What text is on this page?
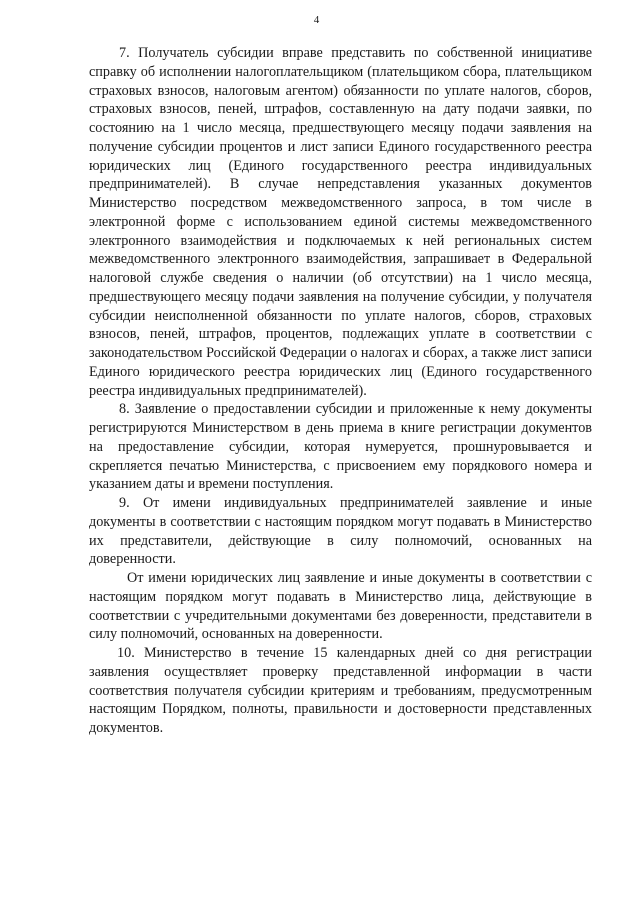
4

7. Получатель субсидии вправе представить по собственной инициативе справку об исполнении налогоплательщиком (плательщиком сбора, плательщиком страховых взносов, налоговым агентом) обязанности по уплате налогов, сборов, страховых взносов, пеней, штрафов, составленную на дату подачи заявки, по состоянию на 1 число месяца, предшествующего месяцу подачи заявления на получение субсидии процентов и лист записи Единого государственного реестра юридических лиц (Единого государственного реестра индивидуальных предпринимателей). В случае непредставления указанных документов Министерство посредством межведомственного запроса, в том числе в электронной форме с использованием единой системы межведомственного электронного взаимодействия и подключаемых к ней региональных систем межведомственного электронного взаимодействия, запрашивает в Федеральной налоговой службе сведения о наличии (об отсутствии) на 1 число месяца, предшествующего месяцу подачи заявления на получение субсидии, у получателя субсидии неисполненной обязанности по уплате налогов, сборов, страховых взносов, пеней, штрафов, процентов, подлежащих уплате в соответствии с законодательством Российской Федерации о налогах и сборах, а также лист записи Единого юридического реестра юридических лиц (Единого государственного реестра индивидуальных предпринимателей).

8. Заявление о предоставлении субсидии и приложенные к нему документы регистрируются Министерством в день приема в книге регистрации документов на предоставление субсидии, которая нумеруется, прошнуровывается и скрепляется печатью Министерства, с присвоением ему порядкового номера и указанием даты и времени поступления.

9. От имени индивидуальных предпринимателей заявление и иные документы в соответствии с настоящим порядком могут подавать в Министерство их представители, действующие в силу полномочий, основанных на доверенности.

От имени юридических лиц заявление и иные документы в соответствии с настоящим порядком могут подавать в Министерство лица, действующие в соответствии с учредительными документами без доверенности, представители в силу полномочий, основанных на доверенности.

10. Министерство в течение 15 календарных дней со дня регистрации заявления осуществляет проверку представленной информации в части соответствия получателя субсидии критериям и требованиям, предусмотренным настоящим Порядком, полноты, правильности и достоверности представленных документов.
